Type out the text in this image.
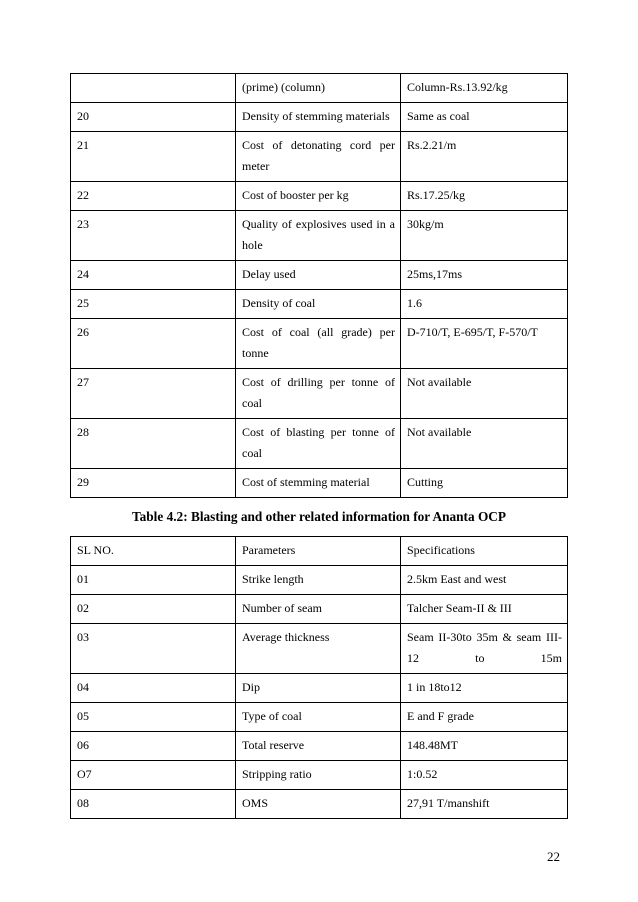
	(prime) (column)	Column-Rs.13.92/kg
20	Density of stemming materials	Same as coal
21	Cost of detonating cord per meter	Rs.2.21/m
22	Cost of booster per kg	Rs.17.25/kg
23	Quality of explosives used in a hole	30kg/m
24	Delay used	25ms,17ms
25	Density of coal	1.6
26	Cost of coal (all grade) per tonne	D-710/T, E-695/T, F-570/T
27	Cost of drilling per tonne of coal	Not available
28	Cost of blasting per tonne of coal	Not available
29	Cost of stemming material	Cutting
Table 4.2: Blasting and other related information for Ananta OCP
SL NO.	Parameters	Specifications
01	Strike length	2.5km East and west
02	Number of seam	Talcher Seam-II & III
03	Average thickness	Seam II-30to 35m & seam III-12 to 15m
04	Dip	1 in 18to12
05	Type of coal	E and F grade
06	Total reserve	148.48MT
O7	Stripping ratio	1:0.52
08	OMS	27,91 T/manshift
22
